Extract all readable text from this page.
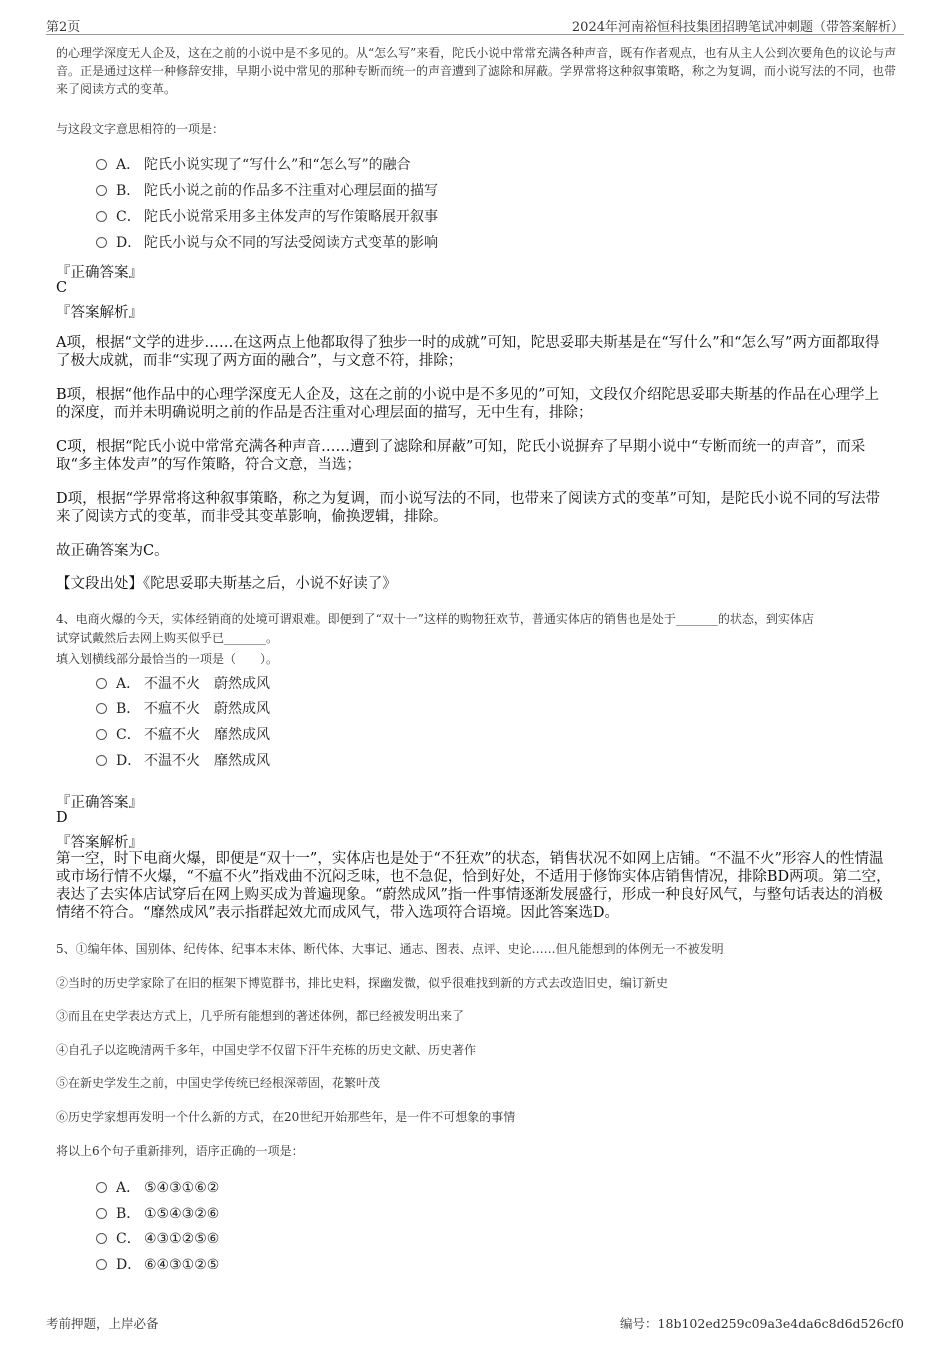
第2页	2024年河南裕恒科技集团招聘笔试冲刺题（带答案解析）
的心理学深度无人企及，这在之前的小说中是不多见的。从“怎么写”来看，陀氏小说中常常充满各种声音，既有作者观点，也有从主人公到次要角色的议论与声音。正是通过这样一种修辞安排，早期小说中常见的那种专断而统一的声音遭到了滤除和屏蔽。学界常将这种叙事策略，称之为复调，而小说写法的不同，也带来了阅读方式的变革。
与这段文字意思相符的一项是：
A． 陀氏小说实现了“写什么”和“怎么写”的融合
B． 陀氏小说之前的作品多不注重对心理层面的描写
C． 陀氏小说常采用多主体发声的写作策略展开叙事
D． 陀氏小说与众不同的写法受阅读方式变革的影响
『正确答案』
C
『答案解析』
A项，根据“文学的进步……在这两点上他都取得了独步一时的成就”可知，陀思妥耶夫斯基是在“写什么”和“怎么写”两方面都取得了极大成就，而非“实现了两方面的融合”，与文意不符，排除；
B项，根据“他作品中的心理学深度无人企及，这在之前的小说中是不多见的”可知，文段仅介绍陀思妥耶夫斯基的作品在心理学上的深度，而并未明确说明之前的作品是否注重对心理层面的描写，无中生有，排除；
C项，根据“陀氏小说中常常充满各种声音……遭到了滤除和屏蔽”可知，陀氏小说摒弃了早期小说中“专断而统一的声音”，而采取“多主体发声”的写作策略，符合文意，当选；
D项，根据“学界常将这种叙事策略，称之为复调，而小说写法的不同，也带来了阅读方式的变革”可知，是陀氏小说不同的写法带来了阅读方式的变革，而非受其变革影响，偷换逻辑，排除。
故正确答案为C。
【文段出处】《陀思妥耶夫斯基之后，小说不好读了》
4、电商火爆的今天，实体经销商的处境可谓艰难。即便到了“双十一”这样的购物狂欢节，普通实体店的销售也是处于_______的状态，到实体店
试穿试戴然后去网上购买似乎已_______。
填入划横线部分最恰当的一项是（　　）。
A． 不温不火　蔚然成风
B． 不瘟不火　蔚然成风
C． 不瘟不火　靡然成风
D． 不温不火　靡然成风
『正确答案』
D
『答案解析』
第一空，时下电商火爆，即便是“双十一”，实体店也是处于“不狂欢”的状态，销售状况不如网上店铺。“不温不火”形容人的性情温或市场行情不火爆，“不瘟不火”指戏曲不沉闷乏味，也不急促，恰到好处，不适用于修饰实体店销售情况，排除BD两项。第二空，表达了去实体店试穿后在网上购买成为普遍现象。“蔚然成风”指一件事情逐渐发展盛行，形成一种良好风气，与整句话表达的消极情绪不符合。“靡然成风”表示指群起效尤而成风气，带入选项符合语境。因此答案选D。
5、①编年体、国别体、纪传体、纪事本末体、断代体、大事记、通志、图表、点评、史论……但凡能想到的体例无一不被发明
②当时的历史学家除了在旧的框架下博览群书，排比史料，探幽发微，似乎很难找到新的方式去改造旧史，编订新史
③而且在史学表达方式上，几乎所有能想到的著述体例，都已经被发明出来了
④自孔子以迄晚清两千多年，中国史学不仅留下汗牛充栋的历史文献、历史著作
⑤在新史学发生之前，中国史学传统已经根深蒂固，花繁叶茂
⑥历史学家想再发明一个什么新的方式，在20世纪开始那些年，是一件不可想象的事情
将以上6个句子重新排列，语序正确的一项是：
A． ⑤④③①⑥②
B． ①⑤④③②⑥
C． ④③①②⑤⑥
D． ⑥④③①②⑤
考前押题，上岸必备	编号：18b102ed259c09a3e4da6c8d6d526cf0
